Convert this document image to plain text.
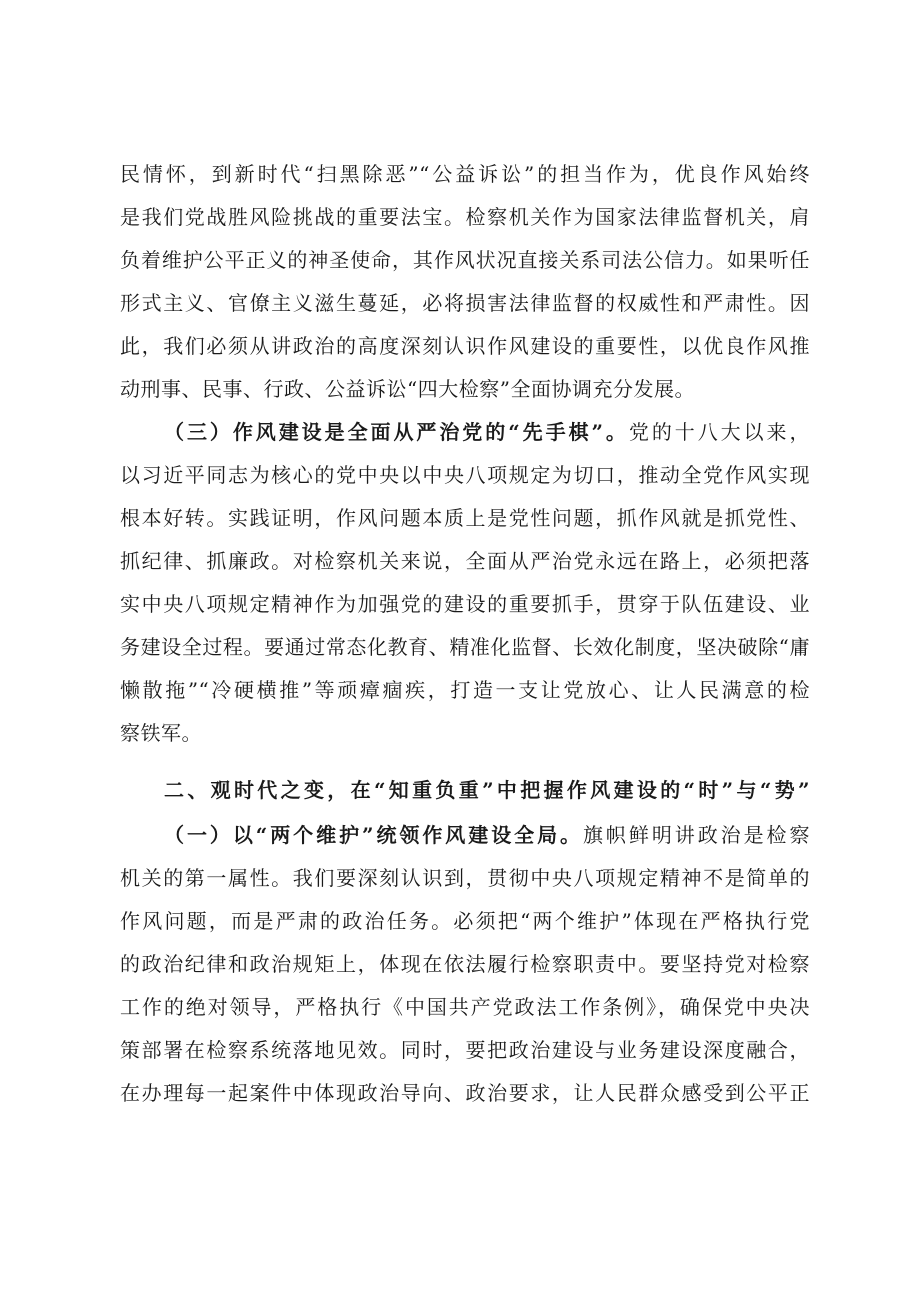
民情怀，到新时代“扫黑除恶”“公益诉讼”的担当作为，优良作风始终
是我们党战胜风险挑战的重要法宝。检察机关作为国家法律监督机关，肩
负着维护公平正义的神圣使命，其作风状况直接关系司法公信力。如果听任
形式主义、官僚主义滋生蔓延，必将损害法律监督的权威性和严肃性。因
此，我们必须从讲政治的高度深刻认识作风建设的重要性，以优良作风推
动刑事、民事、行政、公益诉讼“四大检察”全面协调充分发展。
（三）作风建设是全面从严治党的“先手棋”。党的十八大以来，
以习近平同志为核心的党中央以中央八项规定为切口，推动全党作风实现
根本好转。实践证明，作风问题本质上是党性问题，抓作风就是抓党性、
抓纪律、抓廉政。对检察机关来说，全面从严治党永远在路上，必须把落
实中央八项规定精神作为加强党的建设的重要抓手，贯穿于队伍建设、业
务建设全过程。要通过常态化教育、精准化监督、长效化制度，坚决破除“庸
懒散拖”“冷硬横推”等顽瘴痼疾，打造一支让党放心、让人民满意的检
察铁军。
二、观时代之变，在“知重负重”中把握作风建设的“时”与“势”
（一）以“两个维护”统领作风建设全局。旗帜鲜明讲政治是检察
机关的第一属性。我们要深刻认识到，贯彻中央八项规定精神不是简单的
作风问题，而是严肃的政治任务。必须把“两个维护”体现在严格执行党
的政治纪律和政治规矩上，体现在依法履行检察职责中。要坚持党对检察
工作的绝对领导，严格执行《中国共产党政法工作条例》，确保党中央决
策部署在检察系统落地见效。同时，要把政治建设与业务建设深度融合，
在办理每一起案件中体现政治导向、政治要求，让人民群众感受到公平正
